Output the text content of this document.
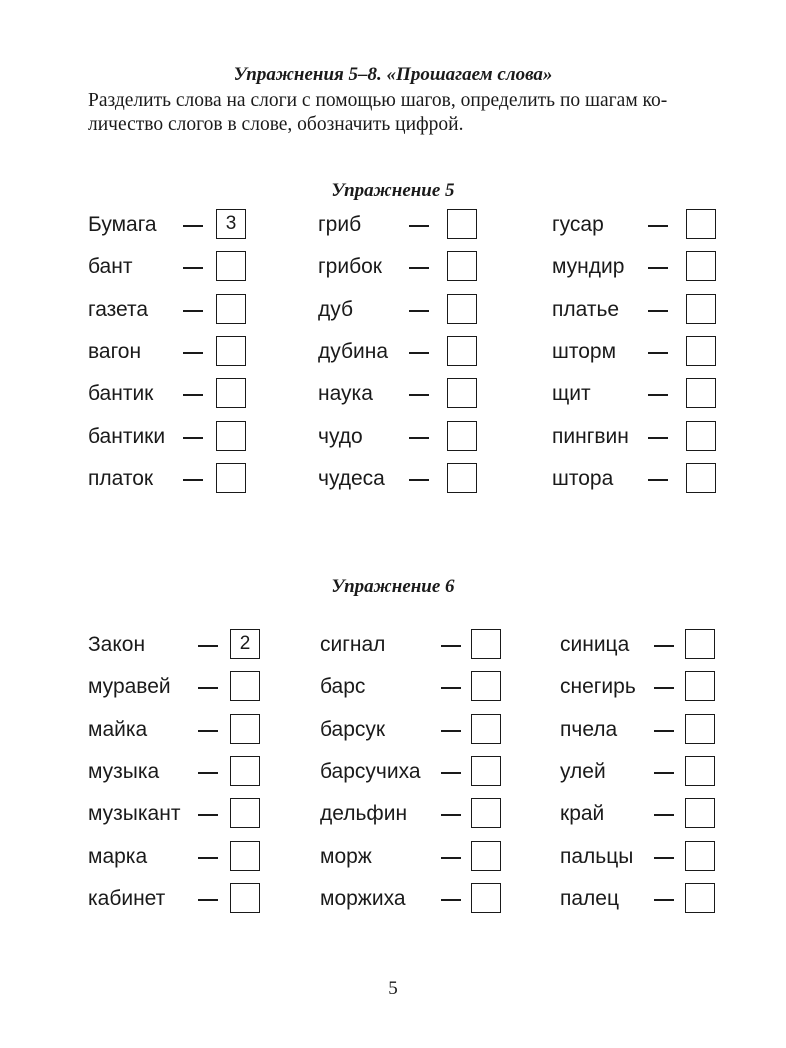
Упражнения 5–8. «Прошагаем слова»
Разделить слова на слоги с помощью шагов, определить по шагам ко-
личество слогов в слове, обозначить цифрой.
Упражнение 5
Бумага	3
бант
газета
вагон
бантик
бантики
платок
гриб
грибок
дуб
дубина
наука
чудо
чудеса
гусар
мундир
платье
шторм
щит
пингвин
штора
Упражнение 6
Закон	2
муравей
майка
музыка
музыкант
марка
кабинет
сигнал
барс
барсук
барсучиха
дельфин
морж
моржиха
синица
снегирь
пчела
улей
край
пальцы
палец
5
